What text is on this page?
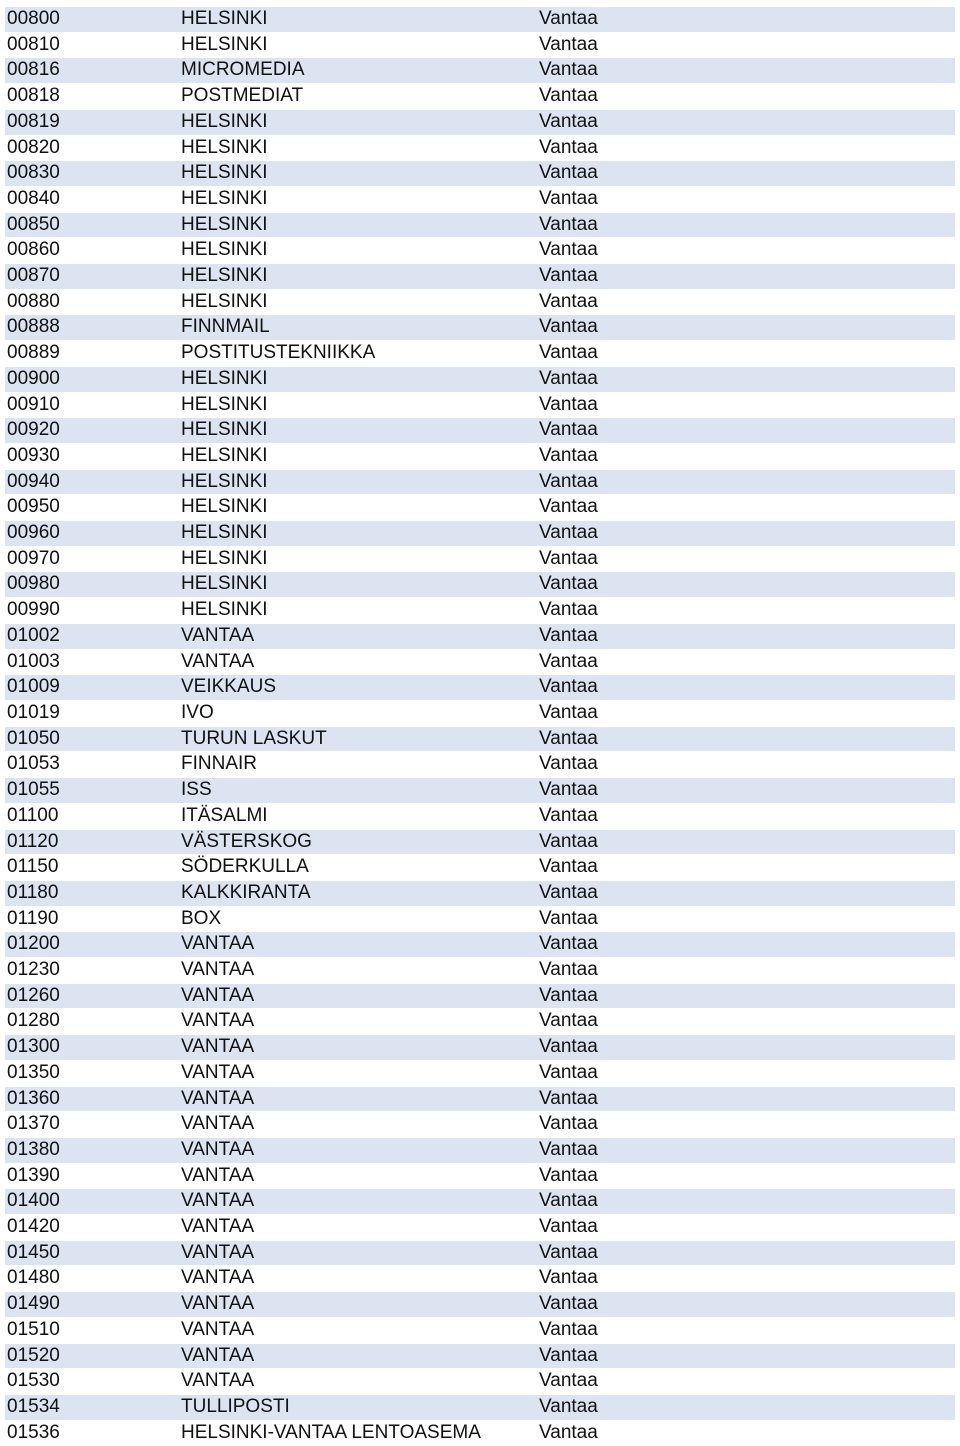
00800	HELSINKI	Vantaa
00810	HELSINKI	Vantaa
00816	MICROMEDIA	Vantaa
00818	POSTMEDIAT	Vantaa
00819	HELSINKI	Vantaa
00820	HELSINKI	Vantaa
00830	HELSINKI	Vantaa
00840	HELSINKI	Vantaa
00850	HELSINKI	Vantaa
00860	HELSINKI	Vantaa
00870	HELSINKI	Vantaa
00880	HELSINKI	Vantaa
00888	FINNMAIL	Vantaa
00889	POSTITUSTEKNIIKKA	Vantaa
00900	HELSINKI	Vantaa
00910	HELSINKI	Vantaa
00920	HELSINKI	Vantaa
00930	HELSINKI	Vantaa
00940	HELSINKI	Vantaa
00950	HELSINKI	Vantaa
00960	HELSINKI	Vantaa
00970	HELSINKI	Vantaa
00980	HELSINKI	Vantaa
00990	HELSINKI	Vantaa
01002	VANTAA	Vantaa
01003	VANTAA	Vantaa
01009	VEIKKAUS	Vantaa
01019	IVO	Vantaa
01050	TURUN LASKUT	Vantaa
01053	FINNAIR	Vantaa
01055	ISS	Vantaa
01100	ITÄSALMI	Vantaa
01120	VÄSTERSKOG	Vantaa
01150	SÖDERKULLA	Vantaa
01180	KALKKIRANTA	Vantaa
01190	BOX	Vantaa
01200	VANTAA	Vantaa
01230	VANTAA	Vantaa
01260	VANTAA	Vantaa
01280	VANTAA	Vantaa
01300	VANTAA	Vantaa
01350	VANTAA	Vantaa
01360	VANTAA	Vantaa
01370	VANTAA	Vantaa
01380	VANTAA	Vantaa
01390	VANTAA	Vantaa
01400	VANTAA	Vantaa
01420	VANTAA	Vantaa
01450	VANTAA	Vantaa
01480	VANTAA	Vantaa
01490	VANTAA	Vantaa
01510	VANTAA	Vantaa
01520	VANTAA	Vantaa
01530	VANTAA	Vantaa
01534	TULLIPOSTI	Vantaa
01536	HELSINKI-VANTAA LENTOASEMA	Vantaa
